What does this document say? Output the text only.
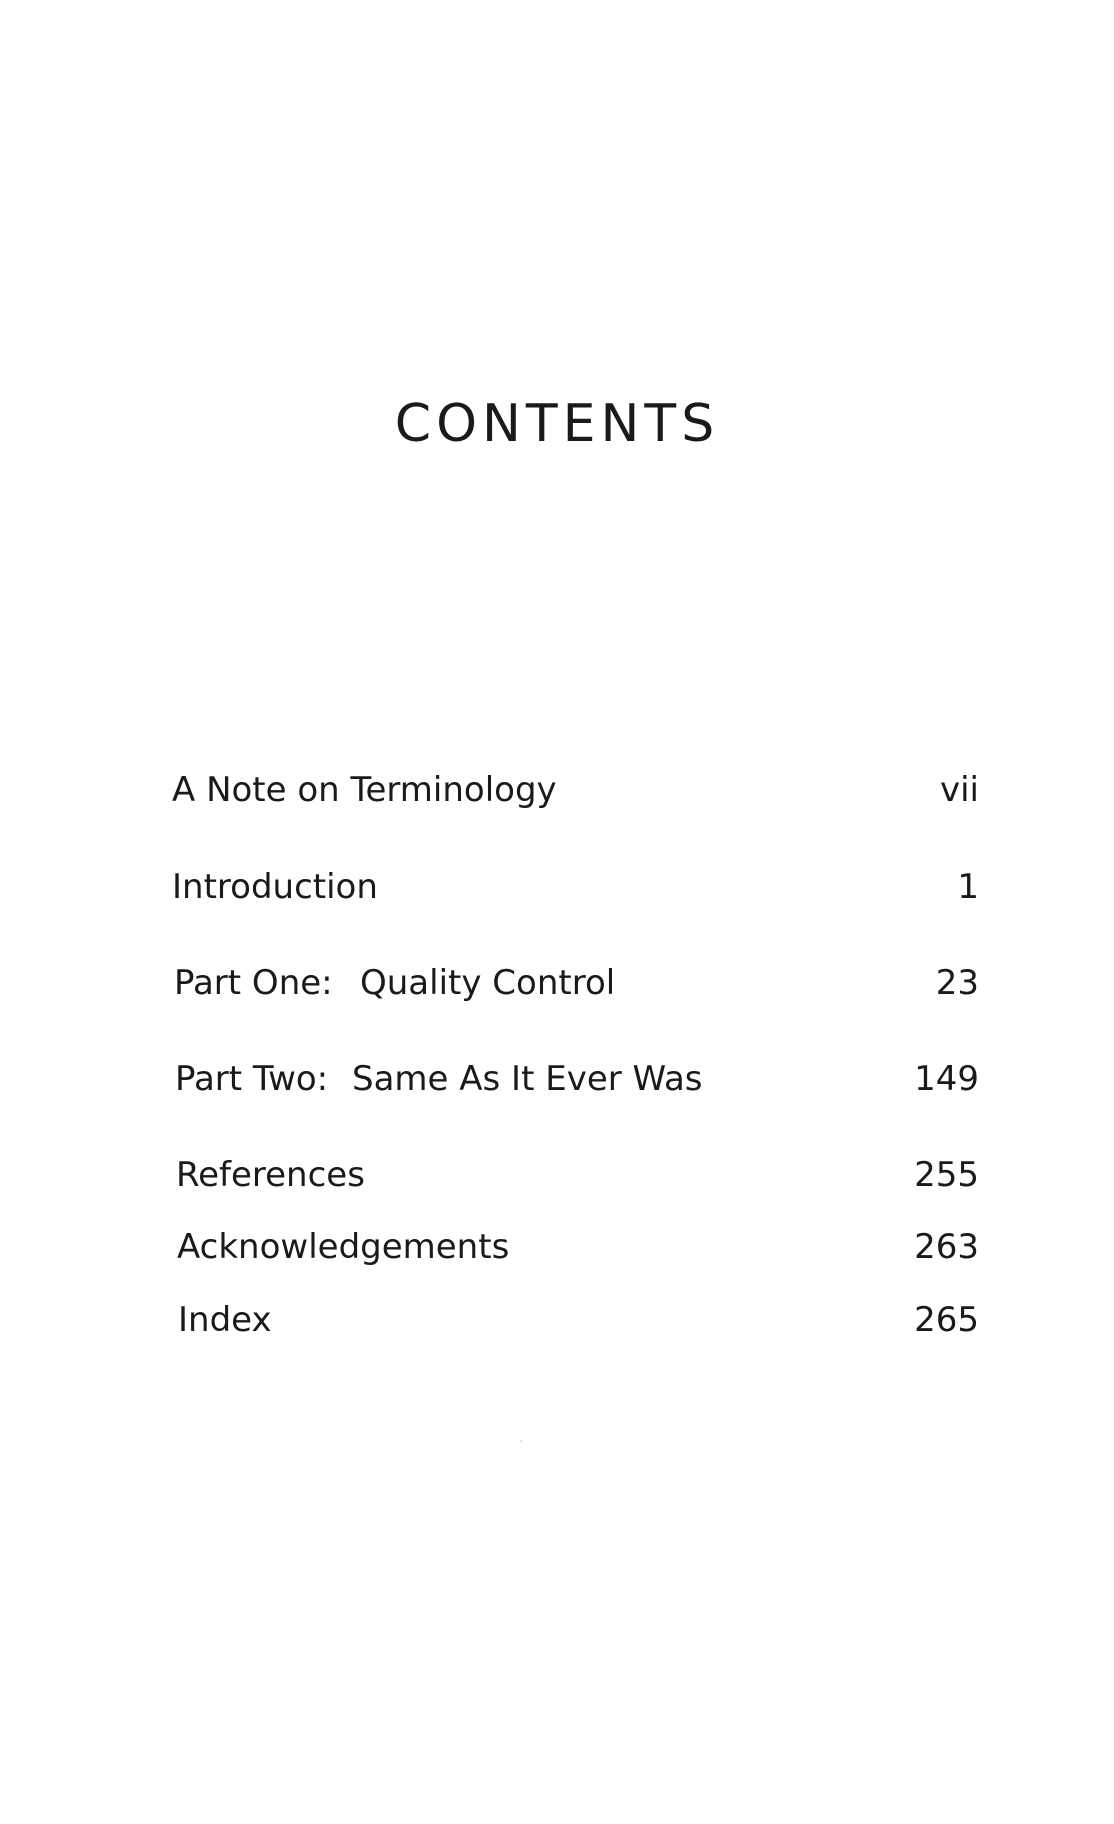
CONTENTS
A Note on Terminology	vii
Introduction	1
Part One: Quality Control	23
Part Two: Same As It Ever Was	149
References	255
Acknowledgements	263
Index	265
